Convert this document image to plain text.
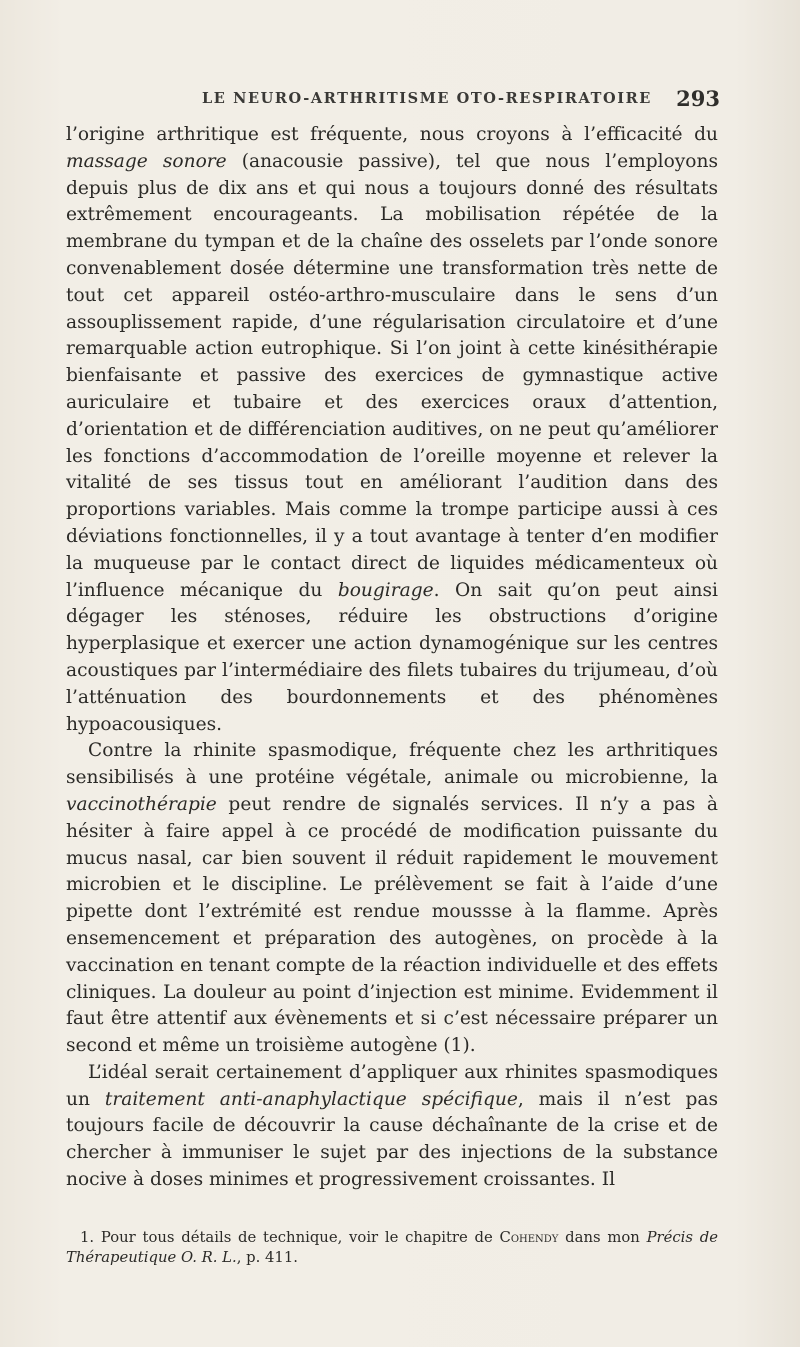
LE NEURO-ARTHRITISME OTO-RESPIRATOIRE 293

l’origine arthritique est fréquente, nous croyons à l’efficacité du massage sonore (anacousie passive), tel que nous l’employons depuis plus de dix ans et qui nous a toujours donné des résultats extrêmement encourageants. La mobilisation répétée de la membrane du tympan et de la chaîne des osselets par l’onde sonore convenablement dosée détermine une transformation très nette de tout cet appareil ostéo-arthro-musculaire dans le sens d’un assouplissement rapide, d’une régularisation circulatoire et d’une remarquable action eutrophique. Si l’on joint à cette kinésithérapie bienfaisante et passive des exercices de gymnastique active auriculaire et tubaire et des exercices oraux d’attention, d’orientation et de différenciation auditives, on ne peut qu’améliorer les fonctions d’accommodation de l’oreille moyenne et relever la vitalité de ses tissus tout en améliorant l’audition dans des proportions variables. Mais comme la trompe participe aussi à ces déviations fonctionnelles, il y a tout avantage à tenter d’en modifier la muqueuse par le contact direct de liquides médicamenteux où l’influence mécanique du bougirage. On sait qu’on peut ainsi dégager les sténoses, réduire les obstructions d’origine hyperplasique et exercer une action dynamogénique sur les centres acoustiques par l’intermédiaire des filets tubaires du trijumeau, d’où l’atténuation des bourdonnements et des phénomènes hypoacousiques.

Contre la rhinite spasmodique, fréquente chez les arthritiques sensibilisés à une protéine végétale, animale ou microbienne, la vaccinothérapie peut rendre de signalés services. Il n’y a pas à hésiter à faire appel à ce procédé de modification puissante du mucus nasal, car bien souvent il réduit rapidement le mouvement microbien et le discipline. Le prélèvement se fait à l’aide d’une pipette dont l’extrémité est rendue moussse à la flamme. Après ensemencement et préparation des autogènes, on procède à la vaccination en tenant compte de la réaction individuelle et des effets cliniques. La douleur au point d’injection est minime. Evidemment il faut être attentif aux évènements et si c’est nécessaire préparer un second et même un troisième autogène (1).

L’idéal serait certainement d’appliquer aux rhinites spasmodiques un traitement anti-anaphylactique spécifique, mais il n’est pas toujours facile de découvrir la cause déchaînante de la crise et de chercher à immuniser le sujet par des injections de la substance nocive à doses minimes et progressivement croissantes. Il

1. Pour tous détails de technique, voir le chapitre de Cohendy dans mon Précis de Thérapeutique O. R. L., p. 411.
